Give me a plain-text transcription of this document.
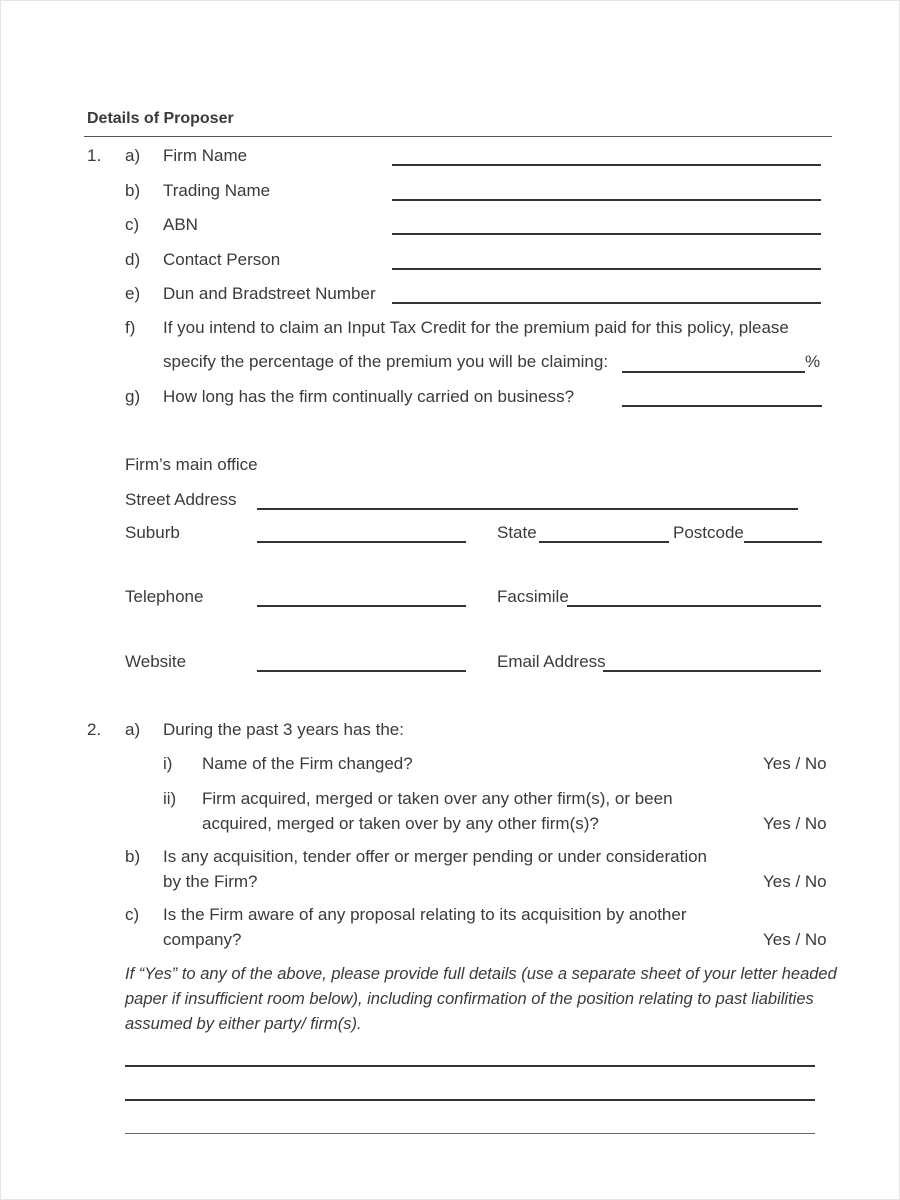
Details of Proposer
1. a) Firm Name
b) Trading Name
c) ABN
d) Contact Person
e) Dun and Bradstreet Number
f) If you intend to claim an Input Tax Credit for the premium paid for this policy, please
specify the percentage of the premium you will be claiming:	%
g) How long has the firm continually carried on business?
Firm’s main office
Street Address
Suburb	State	Postcode
Telephone	Facsimile
Website	Email Address
2. a) During the past 3 years has the:
i) Name of the Firm changed?	Yes / No
ii) Firm acquired, merged or taken over any other firm(s), or been
acquired, merged or taken over by any other firm(s)?	Yes / No
b) Is any acquisition, tender offer or merger pending or under consideration
by the Firm?	Yes / No
c) Is the Firm aware of any proposal relating to its acquisition by another
company?	Yes / No
If “Yes” to any of the above, please provide full details (use a separate sheet of your letter headed
paper if insufficient room below), including confirmation of the position relating to past liabilities
assumed by either party/ firm(s).
